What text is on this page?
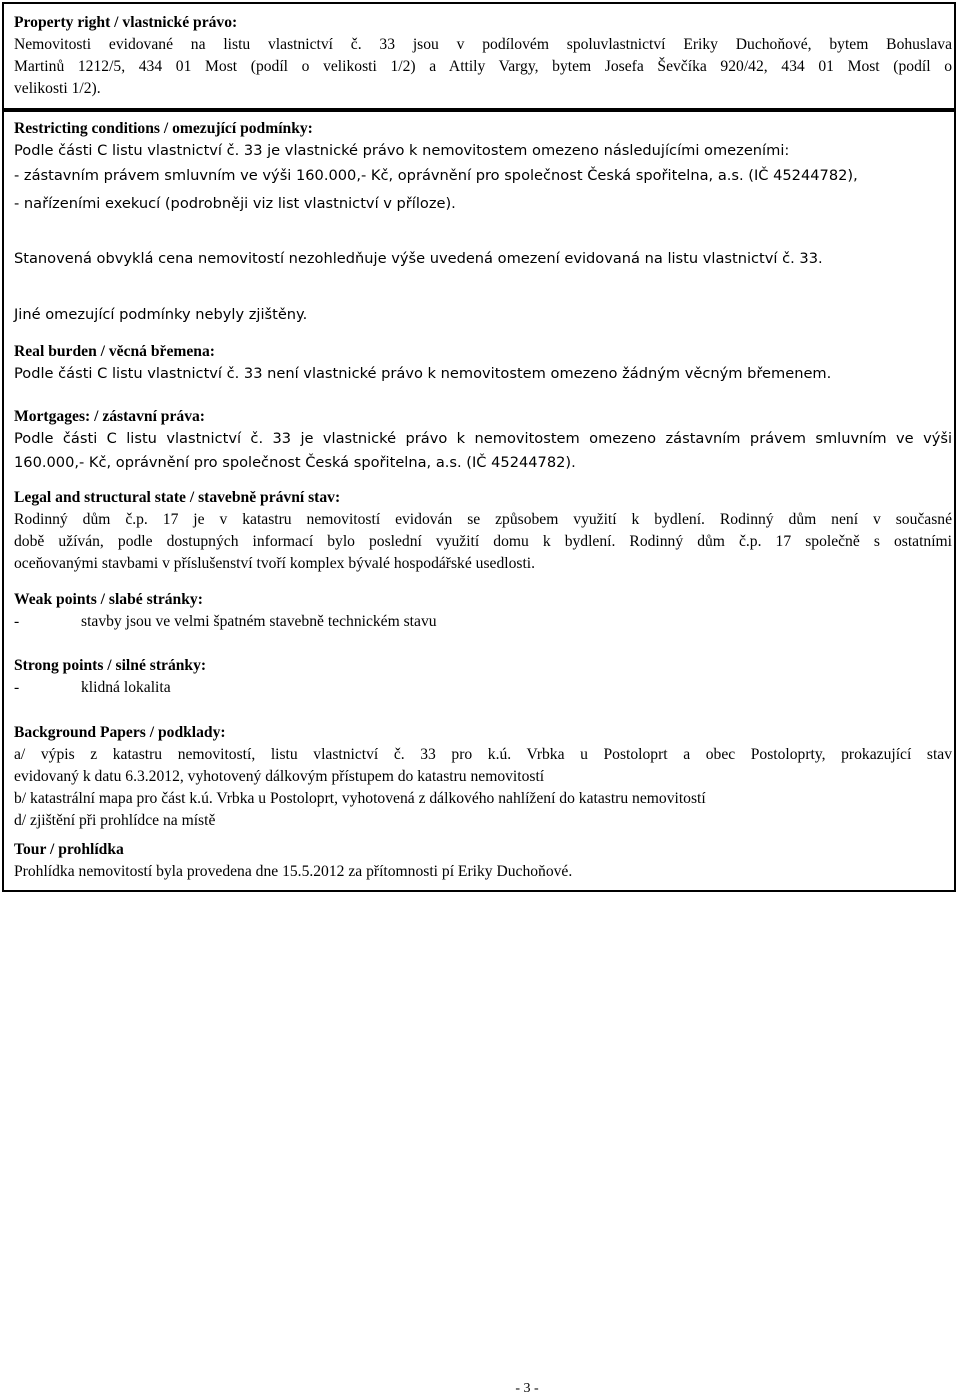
Property right / vlastnické právo:
Nemovitosti evidované na listu vlastnictví č. 33 jsou v podílovém spoluvlastnictví Eriky Duchoňové, bytem Bohuslava
Martinů 1212/5, 434 01 Most (podíl o velikosti 1/2) a Attily Vargy, bytem Josefa Ševčíka 920/42, 434 01 Most (podíl o
velikosti 1/2).
Restricting conditions / omezující podmínky:
Podle části C listu vlastnictví č. 33 je vlastnické právo k nemovitostem omezeno následujícími omezeními:
- zástavním právem smluvním ve výši 160.000,- Kč, oprávnění pro společnost Česká spořitelna, a.s. (IČ 45244782),
- nařízeními exekucí (podrobněji viz list vlastnictví v příloze).
Stanovená obvyklá cena nemovitostí nezohledňuje výše uvedená omezení evidovaná na listu vlastnictví č. 33.
Jiné omezující podmínky nebyly zjištěny.
Real burden / věcná břemena:
Podle části C listu vlastnictví č. 33 není vlastnické právo k nemovitostem omezeno žádným věcným břemenem.
Mortgages: / zástavní práva:
Podle části C listu vlastnictví č. 33 je vlastnické právo k nemovitostem omezeno zástavním právem smluvním ve výši
160.000,- Kč, oprávnění pro společnost Česká spořitelna, a.s. (IČ 45244782).
Legal and structural state / stavebně právní stav:
Rodinný dům č.p. 17 je v katastru nemovitostí evidován se způsobem využití k bydlení. Rodinný dům není v současné
době užíván, podle dostupných informací bylo poslední využití domu k bydlení. Rodinný dům č.p. 17 společně s ostatními
oceňovanými stavbami v příslušenství tvoří komplex bývalé hospodářské usedlosti.
Weak points / slabé stránky:
-	stavby jsou ve velmi špatném stavebně technickém stavu
Strong points / silné stránky:
-	klidná lokalita
Background Papers / podklady:
a/ výpis z katastru nemovitostí, listu vlastnictví č. 33 pro k.ú. Vrbka u Postoloprt a obec Postoloprty, prokazující stav
evidovaný k datu 6.3.2012, vyhotovený dálkovým přístupem do katastru nemovitostí
b/ katastrální mapa pro část k.ú. Vrbka u Postoloprt, vyhotovená z dálkového nahlížení do katastru nemovitostí
d/ zjištění při prohlídce na místě
Tour / prohlídka
Prohlídka nemovitostí byla provedena dne 15.5.2012 za přítomnosti pí Eriky Duchoňové.
- 3 -
